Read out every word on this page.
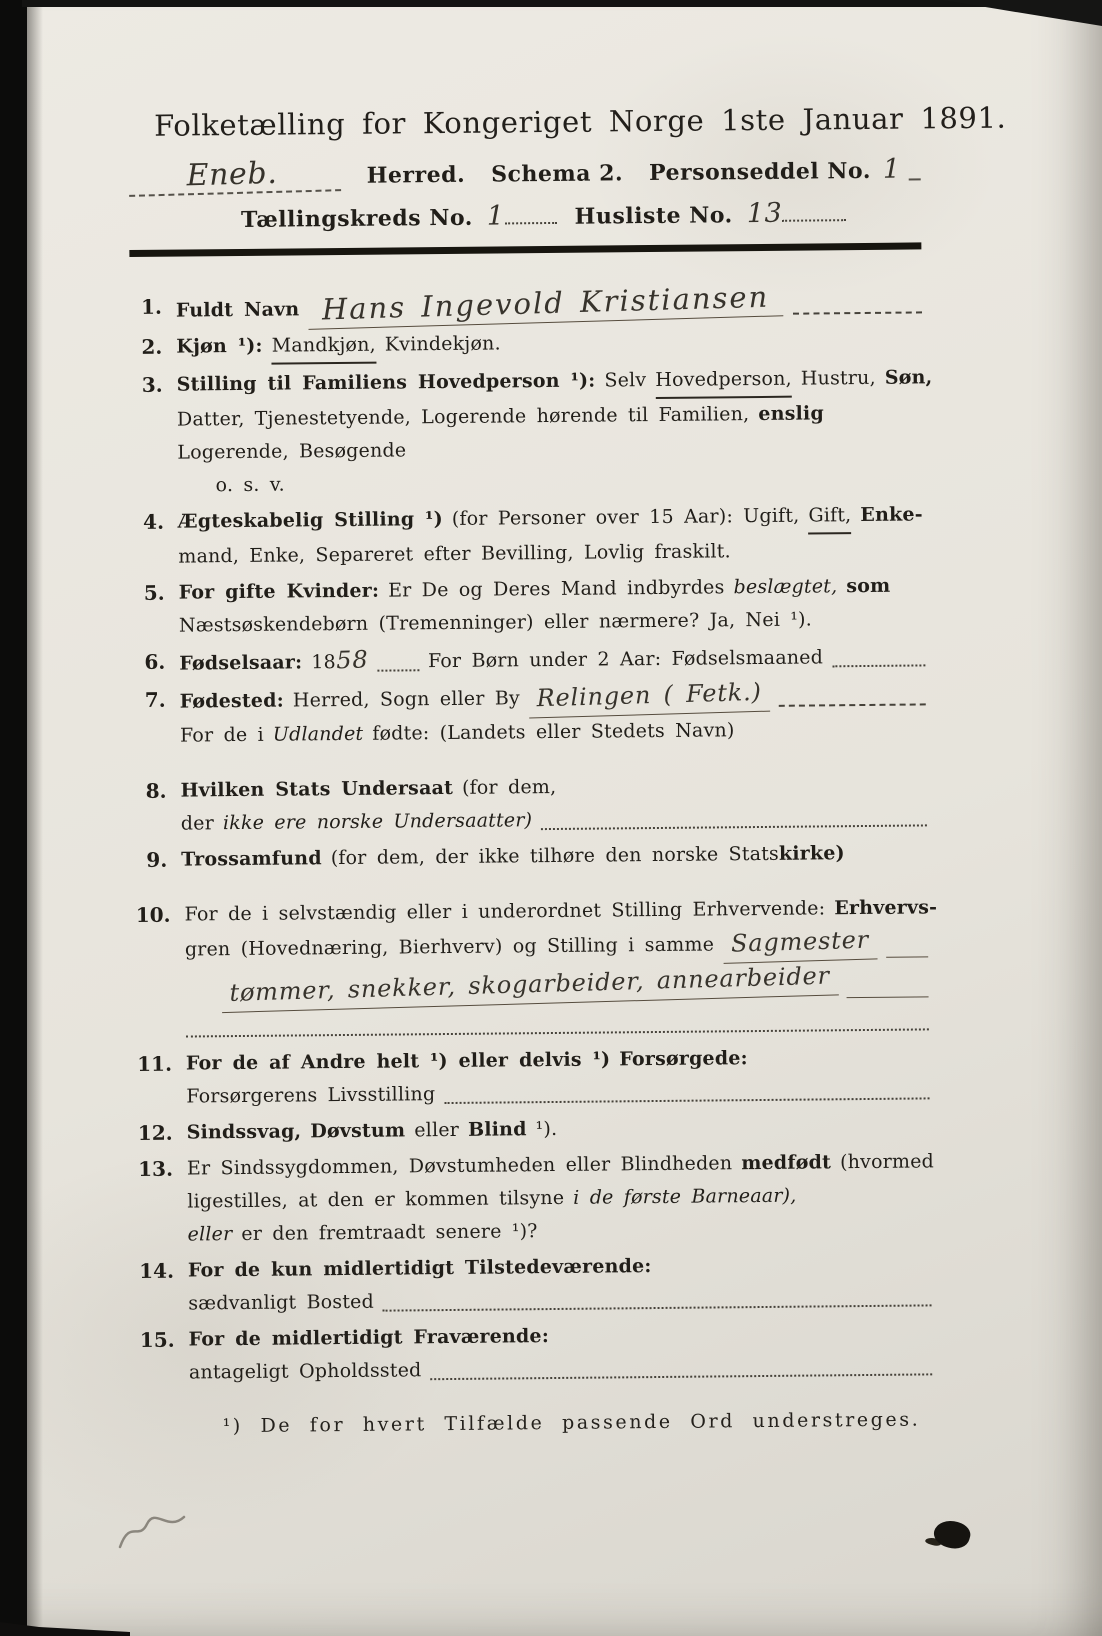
Folketælling for Kongeriget Norge 1ste Januar 1891.
Eneb.	Herred. Schema 2. Personseddel No. 1
Tællingskreds No. 1	Husliste No. 13
1. Fuldt Navn Hans Ingevold Kristiansen
2. Kjøn ¹): Mandkjøn, Kvindekjøn.
3. Stilling til Familiens Hovedperson ¹): Selv Hovedperson, Hustru, Søn,
Datter, Tjenestetyende, Logerende hørende til Familien, enslig
Logerende, Besøgende
o. s. v.
4. Ægteskabelig Stilling ¹) (for Personer over 15 Aar): Ugift, Gift, Enke-
mand, Enke, Separeret efter Bevilling, Lovlig fraskilt.
5. For gifte Kvinder: Er De og Deres Mand indbyrdes beslægtet, som
Næstsøskendebørn (Tremenninger) eller nærmere? Ja, Nei ¹).
6. Fødselsaar: 18 58	For Børn under 2 Aar: Fødselsmaaned
7. Fødested: Herred, Sogn eller By Relingen ( Fetk.)
For de i Udlandet fødte: (Landets eller Stedets Navn)
8. Hvilken Stats Undersaat (for dem,
der ikke ere norske Undersaatter)
9. Trossamfund (for dem, der ikke tilhøre den norske Stats kirke)
10. For de i selvstændig eller i underordnet Stilling Erhvervende: Erhvervs-
gren (Hovednæring, Bierhverv) og Stilling i samme Sagmester
tømmer, snekker, skogarbeider, annearbeider
11. For de af Andre helt ¹) eller delvis ¹) Forsørgede:
Forsørgerens Livsstilling
12. Sindssvag, Døvstum eller Blind ¹).
13. Er Sindssygdommen, Døvstumheden eller Blindheden medfødt (hvormed
ligestilles, at den er kommen tilsyne i de første Barneaar),
eller er den fremtraadt senere ¹)?
14. For de kun midlertidigt Tilstedeværende:
sædvanligt Bosted
15. For de midlertidigt Fraværende:
antageligt Opholdssted
¹) De for hvert Tilfælde passende Ord understreges.
